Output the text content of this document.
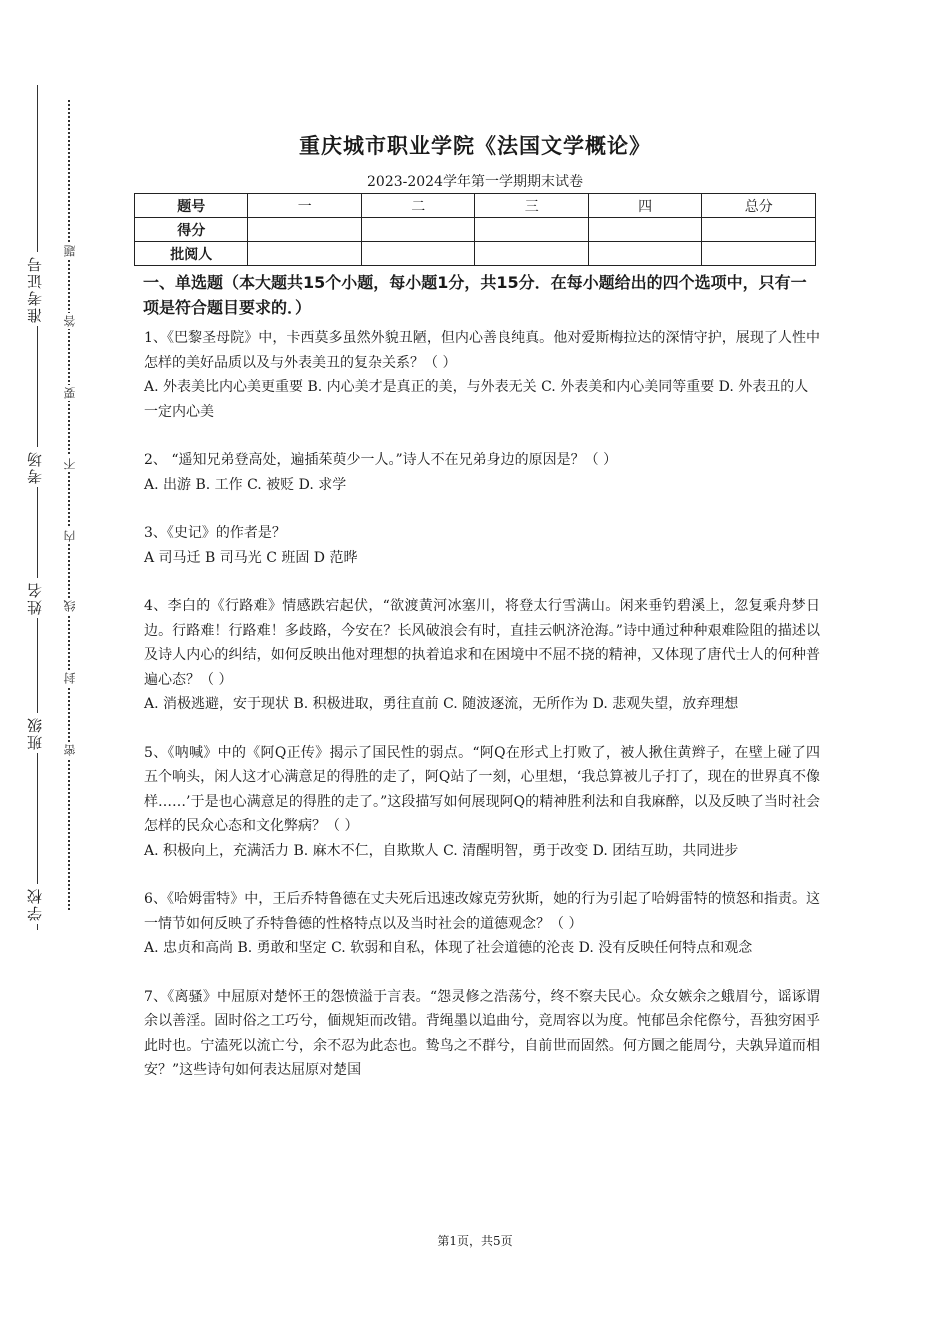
准考证号
考场
姓名
班级
学校
题
答
要
不
内
线
封
密
重庆城市职业学院《法国文学概论》
2023-2024学年第一学期期末试卷
题号	一	二	三	四	总分
得分					
批阅人					
一、单选题（本大题共15个小题，每小题1分，共15分．在每小题给出的四个选项中，只有一项是符合题目要求的．）

1、《巴黎圣母院》中，卡西莫多虽然外貌丑陋，但内心善良纯真。他对爱斯梅拉达的深情守护，展现了人性中怎样的美好品质以及与外表美丑的复杂关系？（ ）

A. 外表美比内心美更重要 B. 内心美才是真正的美，与外表无关 C. 外表美和内心美同等重要 D. 外表丑的人一定内心美

2、 “遥知兄弟登高处，遍插茱萸少一人。”诗人不在兄弟身边的原因是？（ ）

A. 出游 B. 工作 C. 被贬 D. 求学

3、《史记》的作者是？

A 司马迁 B 司马光 C 班固 D 范晔

4、李白的《行路难》情感跌宕起伏，“欲渡黄河冰塞川，将登太行雪满山。闲来垂钓碧溪上，忽复乘舟梦日边。行路难！行路难！多歧路，今安在？长风破浪会有时，直挂云帆济沧海。”诗中通过种种艰难险阻的描述以及诗人内心的纠结，如何反映出他对理想的执着追求和在困境中不屈不挠的精神，又体现了唐代士人的何种普遍心态？（ ）

A. 消极逃避，安于现状 B. 积极进取，勇往直前 C. 随波逐流，无所作为 D. 悲观失望，放弃理想

5、《呐喊》中的《阿Q正传》揭示了国民性的弱点。“阿Q在形式上打败了，被人揪住黄辫子，在壁上碰了四五个响头，闲人这才心满意足的得胜的走了，阿Q站了一刻，心里想，‘我总算被儿子打了，现在的世界真不像样……’于是也心满意足的得胜的走了。”这段描写如何展现阿Q的精神胜利法和自我麻醉，以及反映了当时社会怎样的民众心态和文化弊病？（ ）

A. 积极向上，充满活力 B. 麻木不仁，自欺欺人 C. 清醒明智，勇于改变 D. 团结互助，共同进步

6、《哈姆雷特》中，王后乔特鲁德在丈夫死后迅速改嫁克劳狄斯，她的行为引起了哈姆雷特的愤怒和指责。这一情节如何反映了乔特鲁德的性格特点以及当时社会的道德观念？（ ）

A. 忠贞和高尚 B. 勇敢和坚定 C. 软弱和自私，体现了社会道德的沦丧 D. 没有反映任何特点和观念

7、《离骚》中屈原对楚怀王的怨愤溢于言表。“怨灵修之浩荡兮，终不察夫民心。众女嫉余之蛾眉兮，谣诼谓余以善淫。固时俗之工巧兮，偭规矩而改错。背绳墨以追曲兮，竞周容以为度。忳郁邑余侘傺兮，吾独穷困乎此时也。宁溘死以流亡兮，余不忍为此态也。鸷鸟之不群兮，自前世而固然。何方圜之能周兮，夫孰异道而相安？”这些诗句如何表达屈原对楚国

第1页，共5页
